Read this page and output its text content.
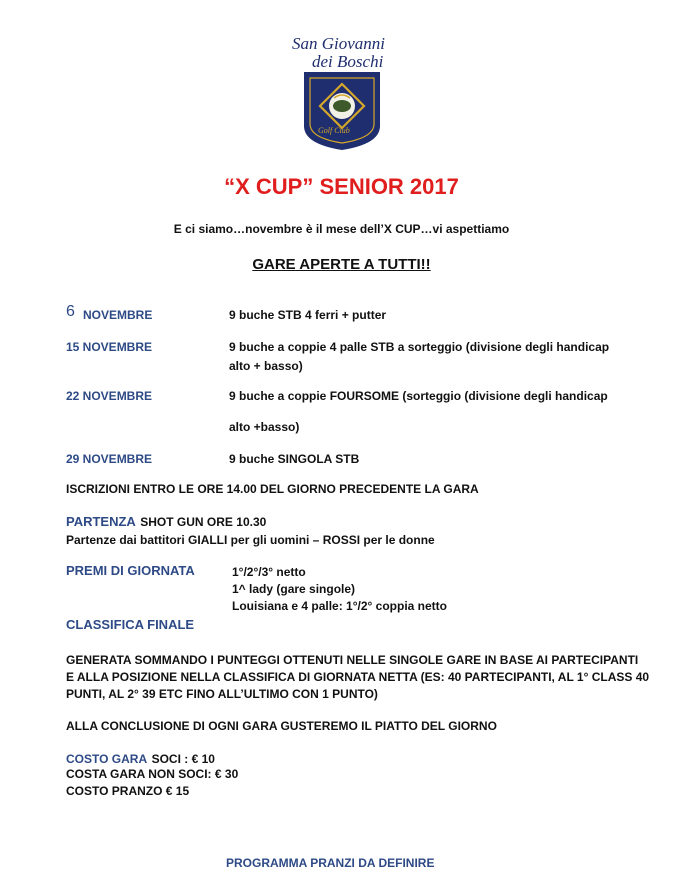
San Giovanni
dei Boschi
Golf Club
“X CUP” SENIOR 2017
E ci siamo…novembre è il mese dell’X CUP…vi aspettiamo
GARE APERTE A TUTTI!!
6 NOVEMBRE	9 buche STB 4 ferri + putter
15 NOVEMBRE	9 buche a coppie 4 palle STB a sorteggio (divisione degli handicap
alto + basso)
22 NOVEMBRE	9 buche a coppie FOURSOME (sorteggio (divisione degli handicap
alto +basso)
29 NOVEMBRE	9 buche SINGOLA STB
ISCRIZIONI ENTRO LE ORE 14.00 DEL GIORNO PRECEDENTE LA GARA
PARTENZA SHOT GUN ORE 10.30
Partenze dai battitori GIALLI per gli uomini – ROSSI per le donne
PREMI DI GIORNATA	1°/2°/3° netto
1^ lady (gare singole)
Louisiana e 4 palle: 1°/2° coppia netto
CLASSIFICA FINALE
GENERATA SOMMANDO I PUNTEGGI OTTENUTI NELLE SINGOLE GARE IN BASE AI PARTECIPANTI
E ALLA POSIZIONE NELLA CLASSIFICA DI GIORNATA NETTA (ES: 40 PARTECIPANTI, AL 1° CLASS 40
PUNTI, AL 2° 39 ETC FINO ALL’ULTIMO CON 1 PUNTO)
ALLA CONCLUSIONE DI OGNI GARA GUSTEREMO IL PIATTO DEL GIORNO
COSTO GARA SOCI : € 10
COSTA GARA NON SOCI: € 30
COSTO PRANZO € 15
PROGRAMMA PRANZI DA DEFINIRE
